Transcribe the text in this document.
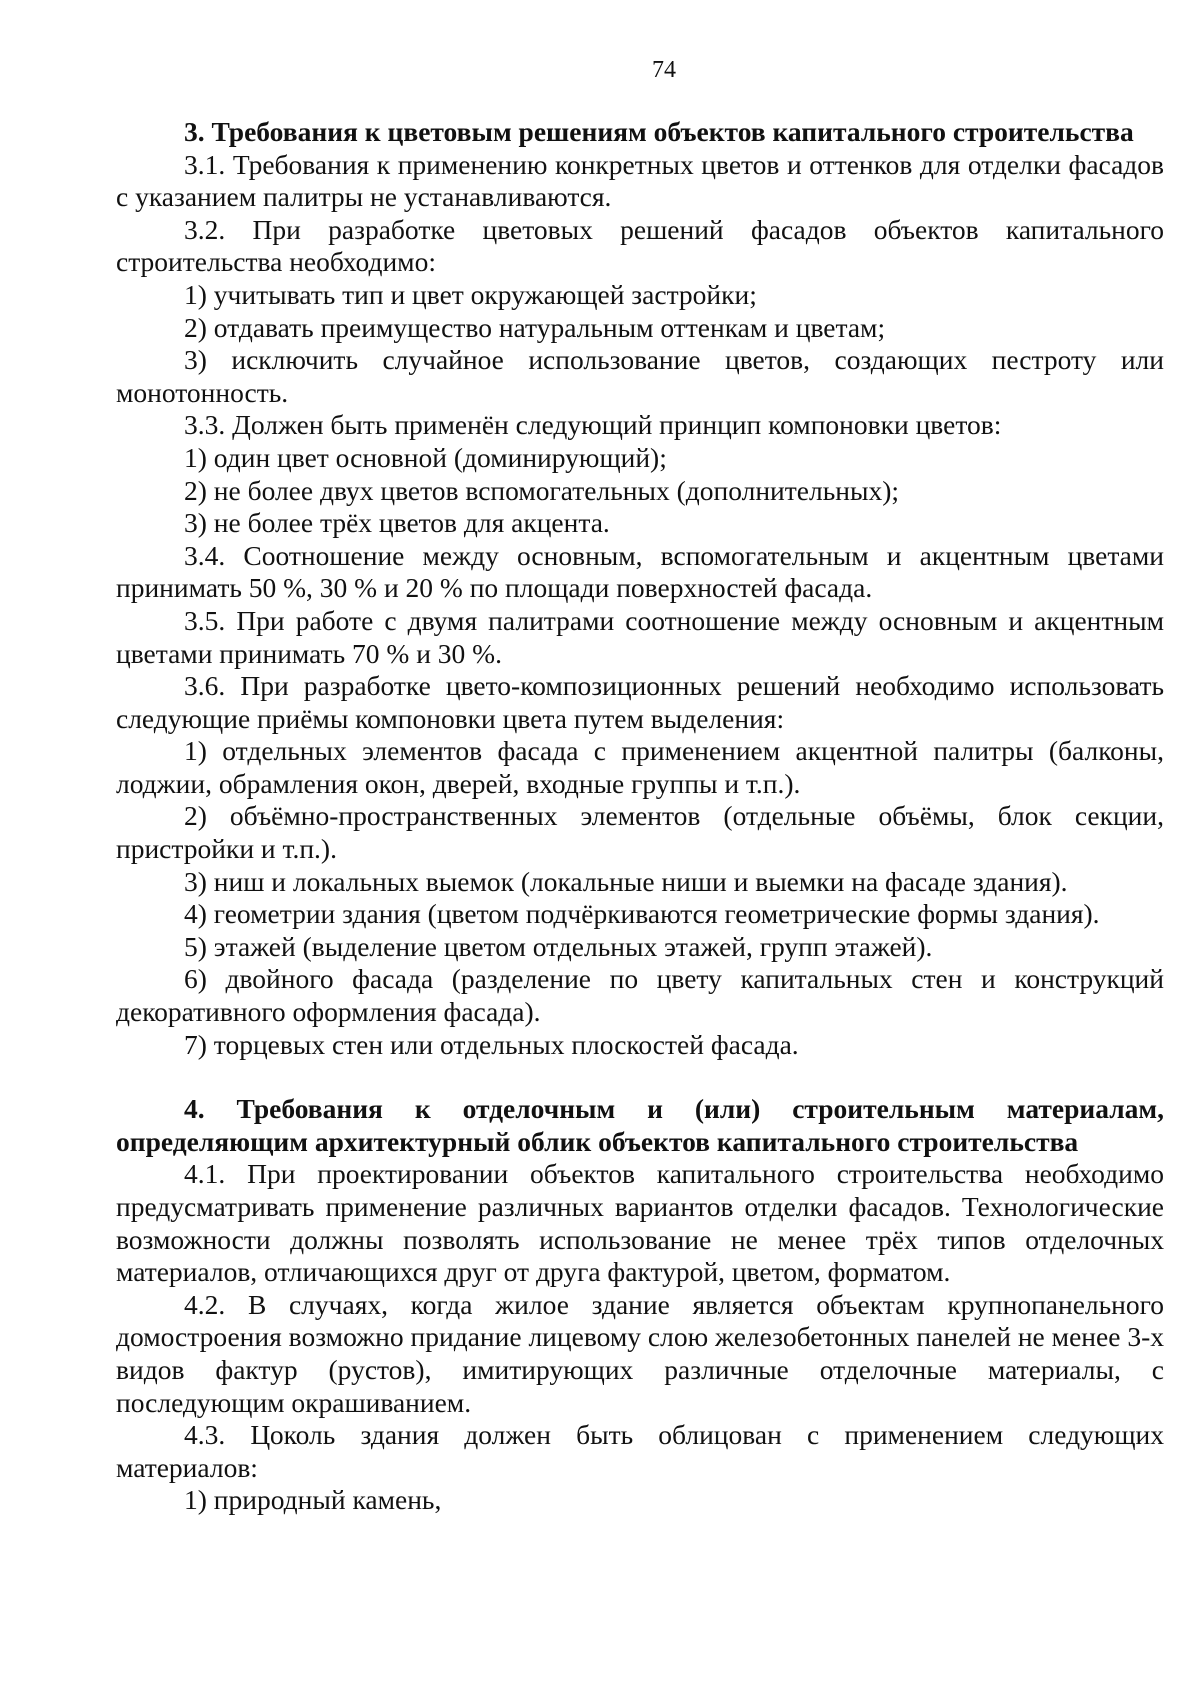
74

3. Требования к цветовым решениям объектов капитального строительства

3.1. Требования к применению конкретных цветов и оттенков для отделки фасадов с указанием палитры не устанавливаются.

3.2. При разработке цветовых решений фасадов объектов капитального строительства необходимо:

1) учитывать тип и цвет окружающей застройки;

2) отдавать преимущество натуральным оттенкам и цветам;

3) исключить случайное использование цветов, создающих пестроту или монотонность.

3.3. Должен быть применён следующий принцип компоновки цветов:

1) один цвет основной (доминирующий);

2) не более двух цветов вспомогательных (дополнительных);

3) не более трёх цветов для акцента.

3.4. Соотношение между основным, вспомогательным и акцентным цветами принимать 50 %, 30 % и 20 % по площади поверхностей фасада.

3.5. При работе с двумя палитрами соотношение между основным и акцентным цветами принимать 70 % и 30 %.

3.6. При разработке цвето-композиционных решений необходимо использовать следующие приёмы компоновки цвета путем выделения:

1) отдельных элементов фасада с применением акцентной палитры (балконы, лоджии, обрамления окон, дверей, входные группы и т.п.).

2) объёмно-пространственных элементов (отдельные объёмы, блок секции, пристройки и т.п.).

3) ниш и локальных выемок (локальные ниши и выемки на фасаде здания).

4) геометрии здания (цветом подчёркиваются геометрические формы здания).

5) этажей (выделение цветом отдельных этажей, групп этажей).

6) двойного фасада (разделение по цвету капитальных стен и конструкций декоративного оформления фасада).

7) торцевых стен или отдельных плоскостей фасада.

4. Требования к отделочным и (или) строительным материалам, определяющим архитектурный облик объектов капитального строительства

4.1. При проектировании объектов капитального строительства необходимо предусматривать применение различных вариантов отделки фасадов. Технологические возможности должны позволять использование не менее трёх типов отделочных материалов, отличающихся друг от друга фактурой, цветом, форматом.

4.2. В случаях, когда жилое здание является объектам крупнопанельного домостроения возможно придание лицевому слою железобетонных панелей не менее 3-х видов фактур (рустов), имитирующих различные отделочные материалы, с последующим окрашиванием.

4.3. Цоколь здания должен быть облицован с применением следующих материалов:

1) природный камень,
